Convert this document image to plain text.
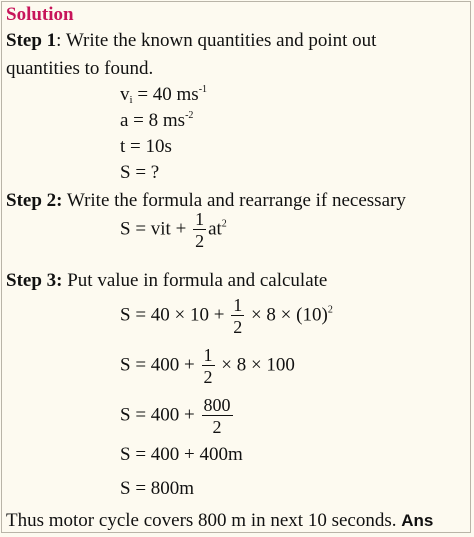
Solution
Step 1: Write the known quantities and point out
quantities to found.
$v_i = 40$ $ms^{-1}$
a = 8 $ms^{-2}$
t = 10s
S = ?
Step 2: Write the formula and rearrange if necessary
S = vit + $\frac{1}{2} at^2$
Step 3: Put value in formula and calculate
$S = 40 \times 10 + \frac{1}{2} \times 8 \times (10)^2$
$S = 400 + \frac{1}{2} \times 8 \times 100$
$S = 400 + \frac{800}{2}$
S = 400 + 400m
S = 800m
Thus motor cycle covers 800 m in next 10 seconds. Ans
